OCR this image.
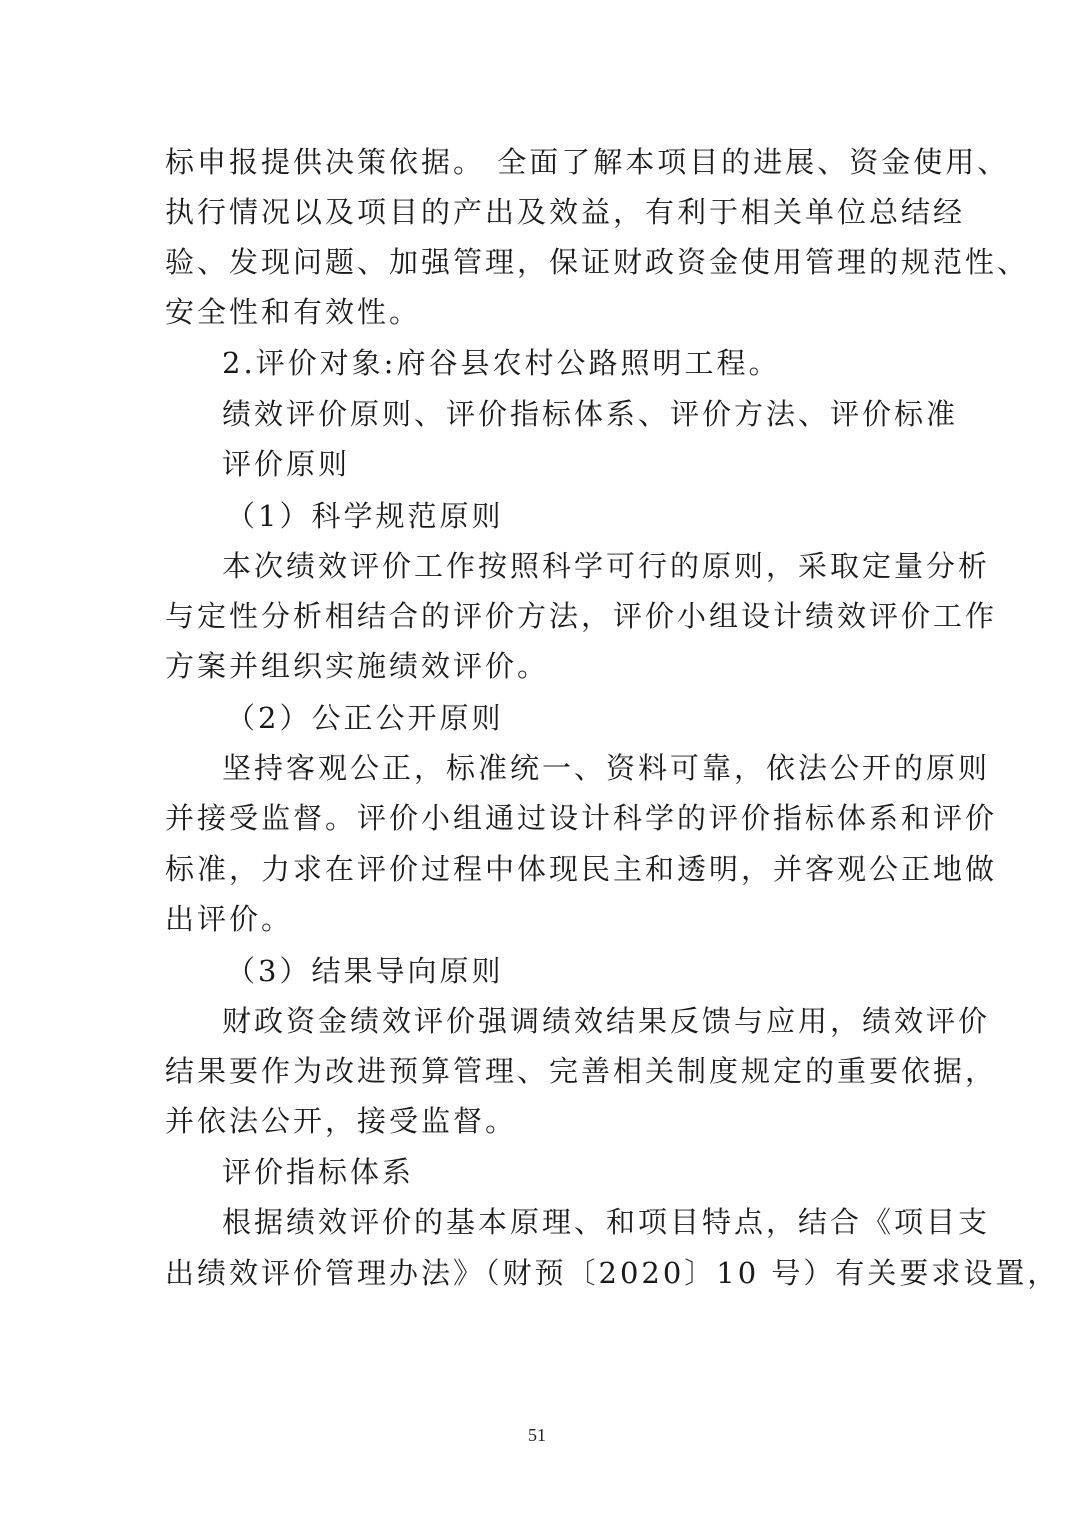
标申报提供决策依据。 全面了解本项目的进展、资金使用、

执行情况以及项目的产出及效益，有利于相关单位总结经

验、发现问题、加强管理，保证财政资金使用管理的规范性、

安全性和有效性。

2.评价对象:府谷县农村公路照明工程。

绩效评价原则、评价指标体系、评价方法、评价标准

评价原则

（1）科学规范原则

本次绩效评价工作按照科学可行的原则，采取定量分析

与定性分析相结合的评价方法，评价小组设计绩效评价工作

方案并组织实施绩效评价。

（2）公正公开原则

坚持客观公正，标准统一、资料可靠，依法公开的原则

并接受监督。评价小组通过设计科学的评价指标体系和评价

标准，力求在评价过程中体现民主和透明，并客观公正地做

出评价。

（3）结果导向原则

财政资金绩效评价强调绩效结果反馈与应用，绩效评价

结果要作为改进预算管理、完善相关制度规定的重要依据，

并依法公开，接受监督。

评价指标体系

根据绩效评价的基本原理、和项目特点，结合《项目支

出绩效评价管理办法》（财预〔2020〕10 号）有关要求设置，

51
